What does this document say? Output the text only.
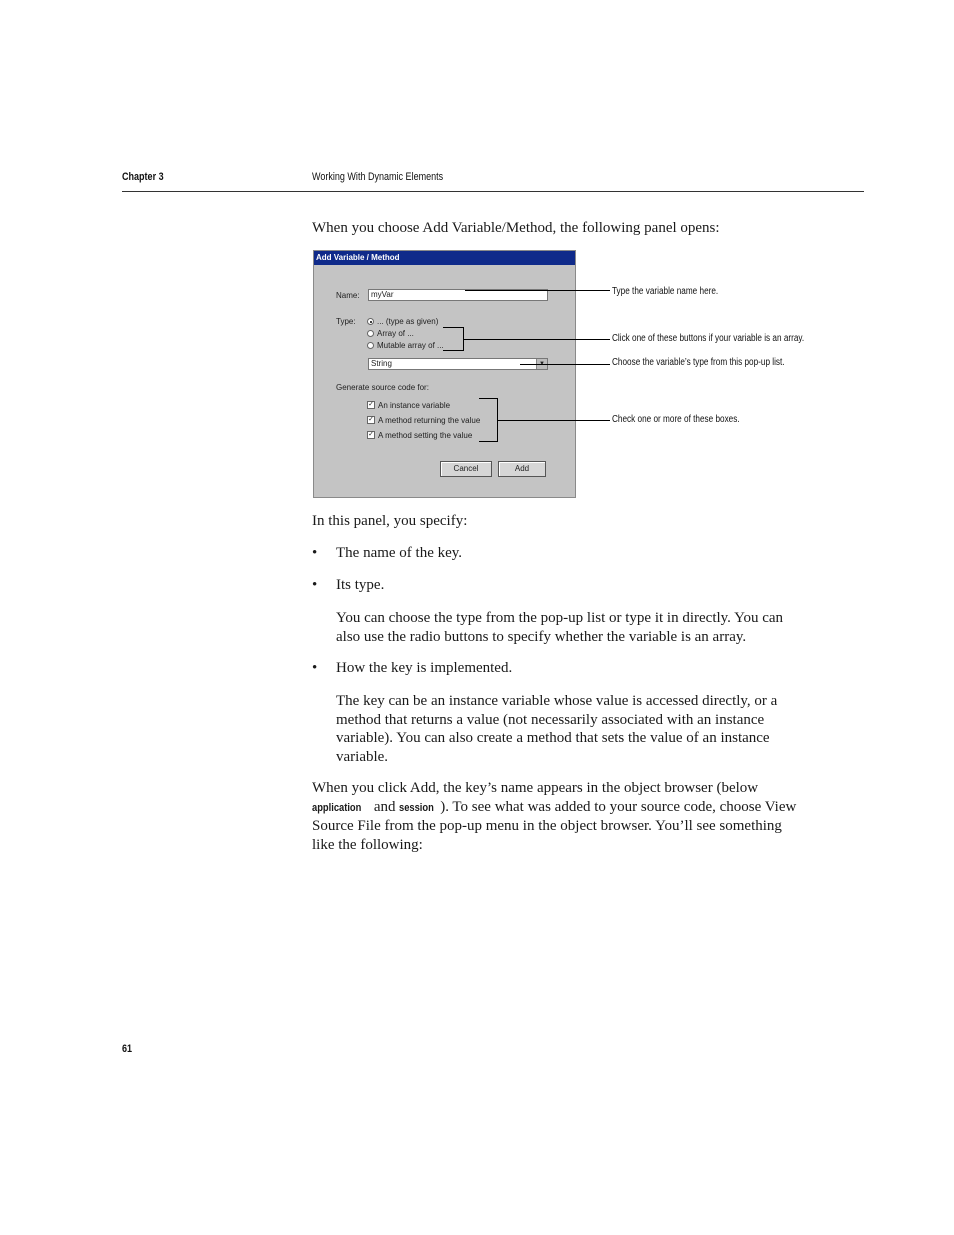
Chapter 3	Working With Dynamic Elements
When you choose Add Variable/Method, the following panel opens:
Add Variable / Method
Name:	myVar
Type:	... (type as given)
Array of ...
Mutable array of ...
String
Generate source code for:
✓ An instance variable
✓ A method returning the value
✓ A method setting the value
Cancel	Add
Type the variable name here.
Click one of these buttons if your variable is an array.
Choose the variable’s type from this pop-up list.
Check one or more of these boxes.
In this panel, you specify:
• The name of the key.
• Its type.
You can choose the type from the pop-up list or type it in directly. You can also use the radio buttons to specify whether the variable is an array.
• How the key is implemented.
The key can be an instance variable whose value is accessed directly, or a method that returns a value (not necessarily associated with an instance variable). You can also create a method that sets the value of an instance variable.
When you click Add, the key’s name appears in the object browser (below application and session ). To see what was added to your source code, choose View Source File from the pop-up menu in the object browser. You’ll see something like the following:
61
